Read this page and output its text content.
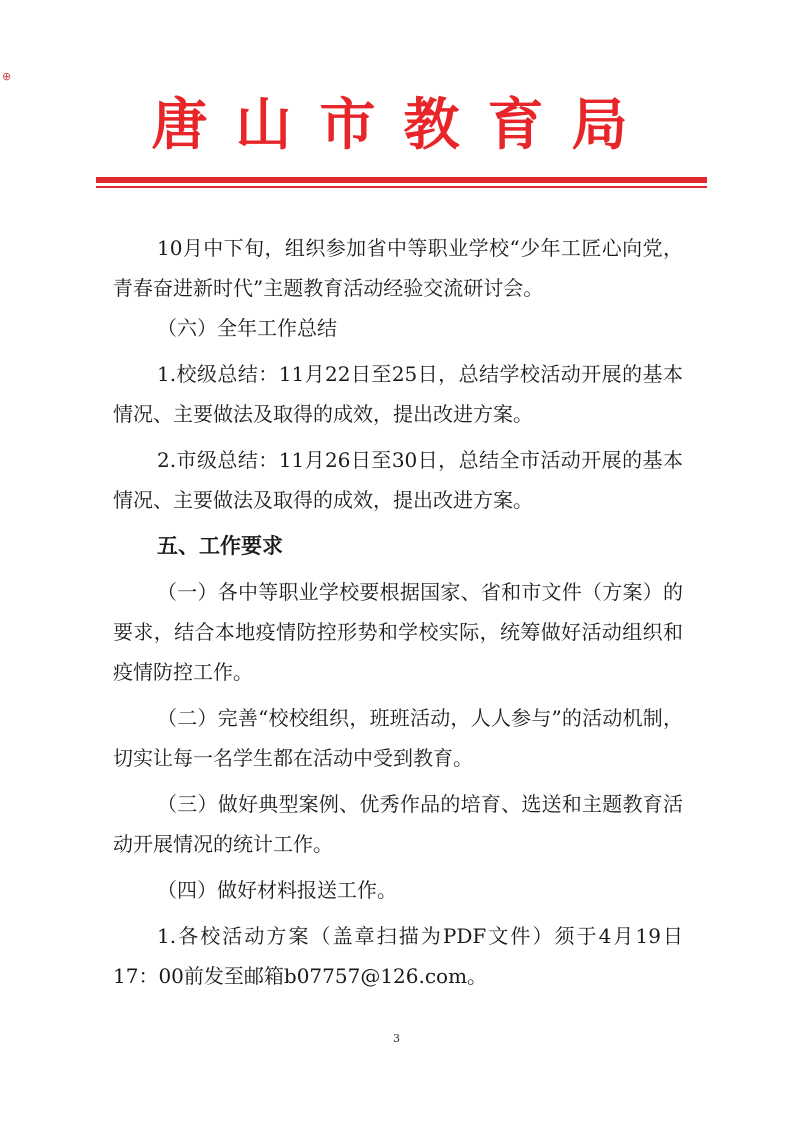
⊕
唐山市教育局

10月中下旬，组织参加省中等职业学校“少年工匠心向党，青春奋进新时代”主题教育活动经验交流研讨会。

（六）全年工作总结

1.校级总结：11月22日至25日，总结学校活动开展的基本情况、主要做法及取得的成效，提出改进方案。

2.市级总结：11月26日至30日，总结全市活动开展的基本情况、主要做法及取得的成效，提出改进方案。

五、工作要求

（一）各中等职业学校要根据国家、省和市文件（方案）的要求，结合本地疫情防控形势和学校实际，统筹做好活动组织和疫情防控工作。

（二）完善“校校组织，班班活动，人人参与”的活动机制，切实让每一名学生都在活动中受到教育。

（三）做好典型案例、优秀作品的培育、选送和主题教育活动开展情况的统计工作。

（四）做好材料报送工作。

1.各校活动方案（盖章扫描为PDF文件）须于4月19日17：00前发至邮箱b07757@126.com。

3
